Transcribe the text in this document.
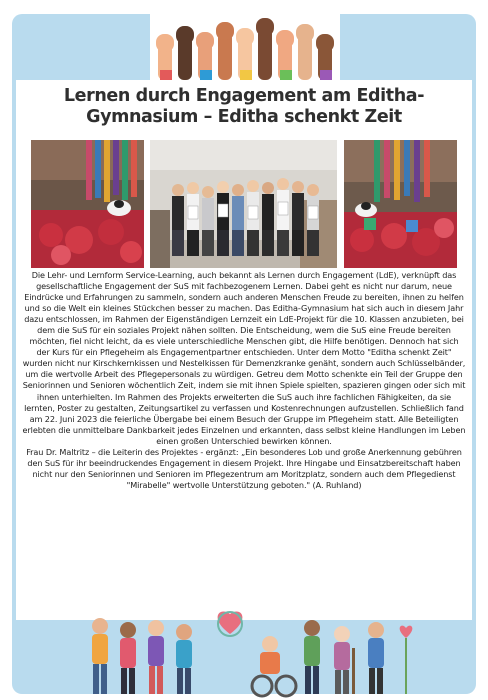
Lernen durch Engagement am Editha-
Gymnasium – Editha schenkt Zeit

Die Lehr- und Lernform Service-Learning, auch bekannt als Lernen durch Engagement (LdE), verknüpft das gesellschaftliche Engagement der SuS mit fachbezogenem Lernen. Dabei geht es nicht nur darum, neue Eindrücke und Erfahrungen zu sammeln, sondern auch anderen Menschen Freude zu bereiten, ihnen zu helfen und so die Welt ein kleines Stückchen besser zu machen. Das Editha-Gymnasium hat sich auch in diesem Jahr dazu entschlossen, im Rahmen der Eigenständigen Lernzeit ein LdE-Projekt für die 10. Klassen anzubieten, bei dem die SuS für ein soziales Projekt nähen sollten. Die Entscheidung, wem die SuS eine Freude bereiten möchten, fiel nicht leicht, da es viele unterschiedliche Menschen gibt, die Hilfe benötigen. Dennoch hat sich der Kurs für ein Pflegeheim als Engagementpartner entschieden. Unter dem Motto "Editha schenkt Zeit" wurden nicht nur Kirschkernkissen und Nestelkissen für Demenzkranke genäht, sondern auch Schlüsselbänder, um die wertvolle Arbeit des Pflegepersonals zu würdigen. Getreu dem Motto schenkte ein Teil der Gruppe den Seniorinnen und Senioren wöchentlich Zeit, indem sie mit ihnen Spiele spielten, spazieren gingen oder sich mit ihnen unterhielten. Im Rahmen des Projekts erweiterten die SuS auch ihre fachlichen Fähigkeiten, da sie lernten, Poster zu gestalten, Zeitungsartikel zu verfassen und Kostenrechnungen aufzustellen. Schließlich fand am 22. Juni 2023 die feierliche Übergabe bei einem Besuch der Gruppe im Pflegeheim statt. Alle Beteiligten erlebten die unmittelbare Dankbarkeit jedes Einzelnen und erkannten, dass selbst kleine Handlungen im Leben einen großen Unterschied bewirken können.

Frau Dr. Maltritz – die Leiterin des Projektes - ergänzt: „Ein besonderes Lob und große Anerkennung gebühren den SuS für ihr beeindruckendes Engagement in diesem Projekt. Ihre Hingabe und Einsatzbereitschaft haben nicht nur den Seniorinnen und Senioren im Pflegezentrum am Moritzplatz, sondern auch dem Pflegedienst "Mirabelle" wertvolle Unterstützung geboten." (A. Ruhland)
